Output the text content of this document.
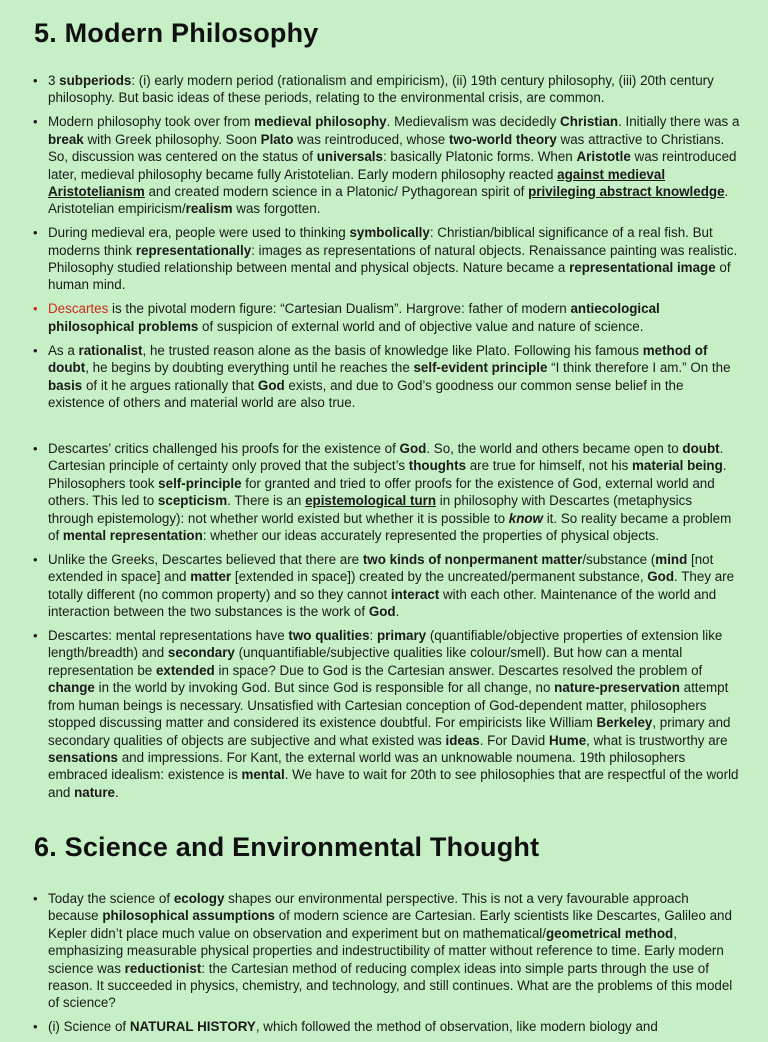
5. Modern Philosophy
• 3 subperiods: (i) early modern period (rationalism and empiricism), (ii) 19th century philosophy, (iii) 20th century philosophy. But basic ideas of these periods, relating to the environmental crisis, are common.
• Modern philosophy took over from medieval philosophy. Medievalism was decidedly Christian. Initially there was a break with Greek philosophy. Soon Plato was reintroduced, whose two-world theory was attractive to Christians. So, discussion was centered on the status of universals: basically Platonic forms. When Aristotle was reintroduced later, medieval philosophy became fully Aristotelian. Early modern philosophy reacted against medieval Aristotelianism and created modern science in a Platonic/ Pythagorean spirit of privileging abstract knowledge. Aristotelian empiricism/realism was forgotten.
• During medieval era, people were used to thinking symbolically: Christian/biblical significance of a real fish. But moderns think representationally: images as representations of natural objects. Renaissance painting was realistic. Philosophy studied relationship between mental and physical objects. Nature became a representational image of human mind.
• Descartes is the pivotal modern figure: “Cartesian Dualism”. Hargrove: father of modern antiecological philosophical problems of suspicion of external world and of objective value and nature of science.
• As a rationalist, he trusted reason alone as the basis of knowledge like Plato. Following his famous method of doubt, he begins by doubting everything until he reaches the self-evident principle “I think therefore I am.” On the basis of it he argues rationally that God exists, and due to God’s goodness our common sense belief in the existence of others and material world are also true.
• Descartes’ critics challenged his proofs for the existence of God. So, the world and others became open to doubt. Cartesian principle of certainty only proved that the subject’s thoughts are true for himself, not his material being. Philosophers took self-principle for granted and tried to offer proofs for the existence of God, external world and others. This led to scepticism. There is an epistemological turn in philosophy with Descartes (metaphysics through epistemology): not whether world existed but whether it is possible to know it. So reality became a problem of mental representation: whether our ideas accurately represented the properties of physical objects.
• Unlike the Greeks, Descartes believed that there are two kinds of nonpermanent matter/substance (mind [not extended in space] and matter [extended in space]) created by the uncreated/permanent substance, God. They are totally different (no common property) and so they cannot interact with each other. Maintenance of the world and interaction between the two substances is the work of God.
• Descartes: mental representations have two qualities: primary (quantifiable/objective properties of extension like length/breadth) and secondary (unquantifiable/subjective qualities like colour/smell). But how can a mental representation be extended in space? Due to God is the Cartesian answer. Descartes resolved the problem of change in the world by invoking God. But since God is responsible for all change, no nature-preservation attempt from human beings is necessary. Unsatisfied with Cartesian conception of God-dependent matter, philosophers stopped discussing matter and considered its existence doubtful. For empiricists like William Berkeley, primary and secondary qualities of objects are subjective and what existed was ideas. For David Hume, what is trustworthy are sensations and impressions. For Kant, the external world was an unknowable noumena. 19th philosophers embraced idealism: existence is mental. We have to wait for 20th to see philosophies that are respectful of the world and nature.
6. Science and Environmental Thought
• Today the science of ecology shapes our environmental perspective. This is not a very favourable approach because philosophical assumptions of modern science are Cartesian. Early scientists like Descartes, Galileo and Kepler didn’t place much value on observation and experiment but on mathematical/geometrical method, emphasizing measurable physical properties and indestructibility of matter without reference to time. Early modern science was reductionist: the Cartesian method of reducing complex ideas into simple parts through the use of reason. It succeeded in physics, chemistry, and technology, and still continues. What are the problems of this model of science?
• (i) Science of NATURAL HISTORY, which followed the method of observation, like modern biology and
